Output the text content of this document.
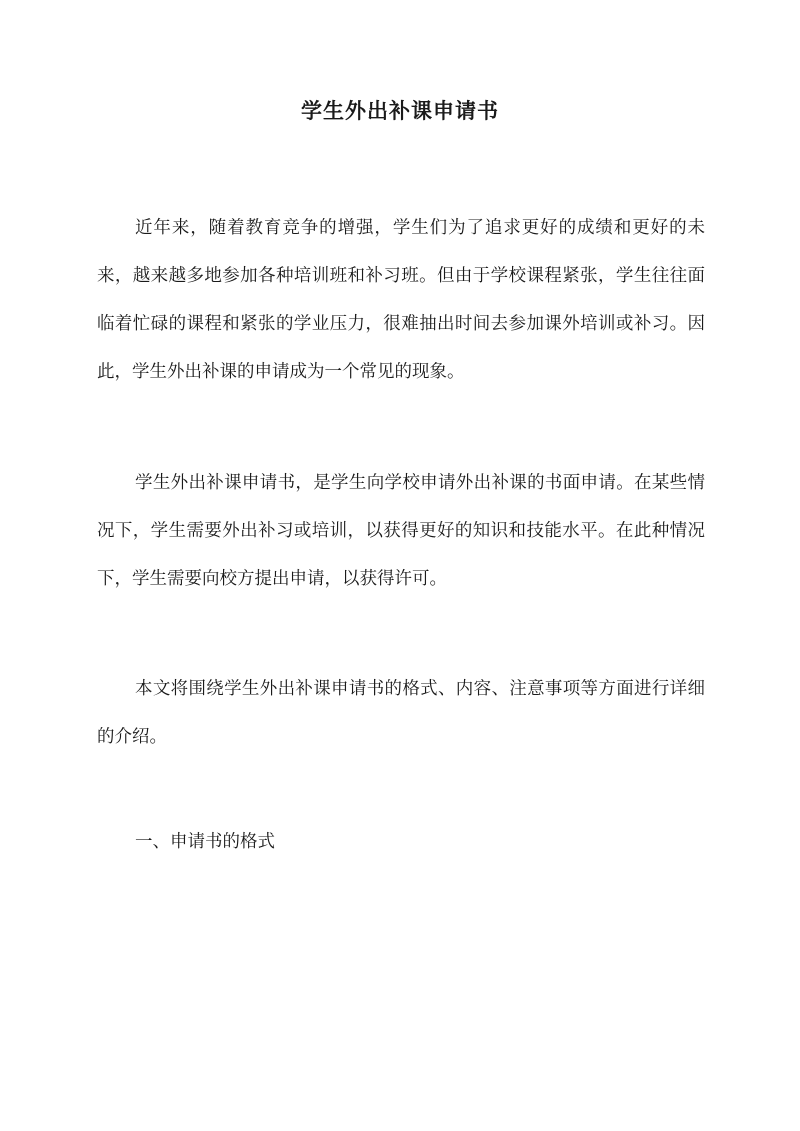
学生外出补课申请书

近年来，随着教育竞争的增强，学生们为了追求更好的成绩和更好的未来，越来越多地参加各种培训班和补习班。但由于学校课程紧张，学生往往面临着忙碌的课程和紧张的学业压力，很难抽出时间去参加课外培训或补习。因此，学生外出补课的申请成为一个常见的现象。

学生外出补课申请书，是学生向学校申请外出补课的书面申请。在某些情况下，学生需要外出补习或培训，以获得更好的知识和技能水平。在此种情况下，学生需要向校方提出申请，以获得许可。

本文将围绕学生外出补课申请书的格式、内容、注意事项等方面进行详细的介绍。

一、申请书的格式
